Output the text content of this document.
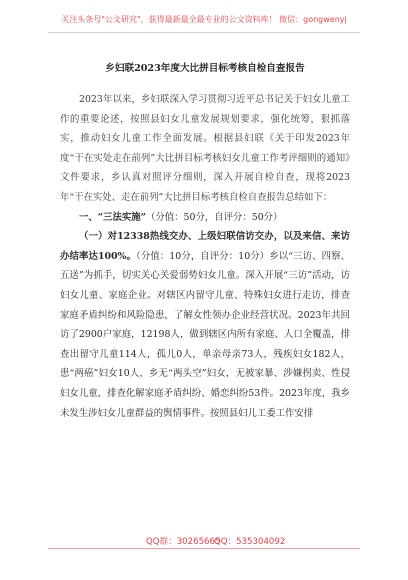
关注头条号"公文研究"，获得最新最全最专业的公文资料库！ 微信：gongwenyj
乡妇联2023年度大比拼目标考核自检自查报告

2023年以来，乡妇联深入学习贯彻习近平总书记关于妇女儿童工作的重要论述，按照县妇女儿童发展规划要求，强化统筹，狠抓落实，推动妇女儿童工作全面发展。根据县妇联《关于印发2023年度“干在实处走在前列”大比拼目标考核妇女儿童工作考评细则的通知》文件要求，乡认真对照评分细则，深入开展自检自查，现将2023年“干在实处、走在前列”大比拼目标考核自检自查报告总结如下：

一、“三法实施”（分值：50分，自评分：50分）

（一）对12338热线交办、上级妇联信访交办，以及来信、来访办结率达100%。（分值：10分，自评分：10分）乡以“三访、四察、五送”为抓手，切实关心关爱弱势妇女儿童。深入开展“三访”活动，访妇女儿童、家庭企业。对辖区内留守儿童、特殊妇女进行走访，排查家庭矛盾纠纷和风险隐患，了解女性领办企业经营状况。2023年共回访了2900户家庭，12198人，做到辖区内所有家庭、人口全覆盖，排查出留守儿童114人，孤儿0人，单亲母亲73人，残疾妇女182人，患“两癌”妇女10人，乡无“两头空”妇女，无被家暴、涉嫌拐卖、性侵妇女儿童，排查化解家庭矛盾纠纷、婚恋纠纷53件。2023年度，我乡未发生涉妇女儿童群益的舆情事件。按照县妇儿工委工作安排

QQ群：30265665
QQ：535304092
